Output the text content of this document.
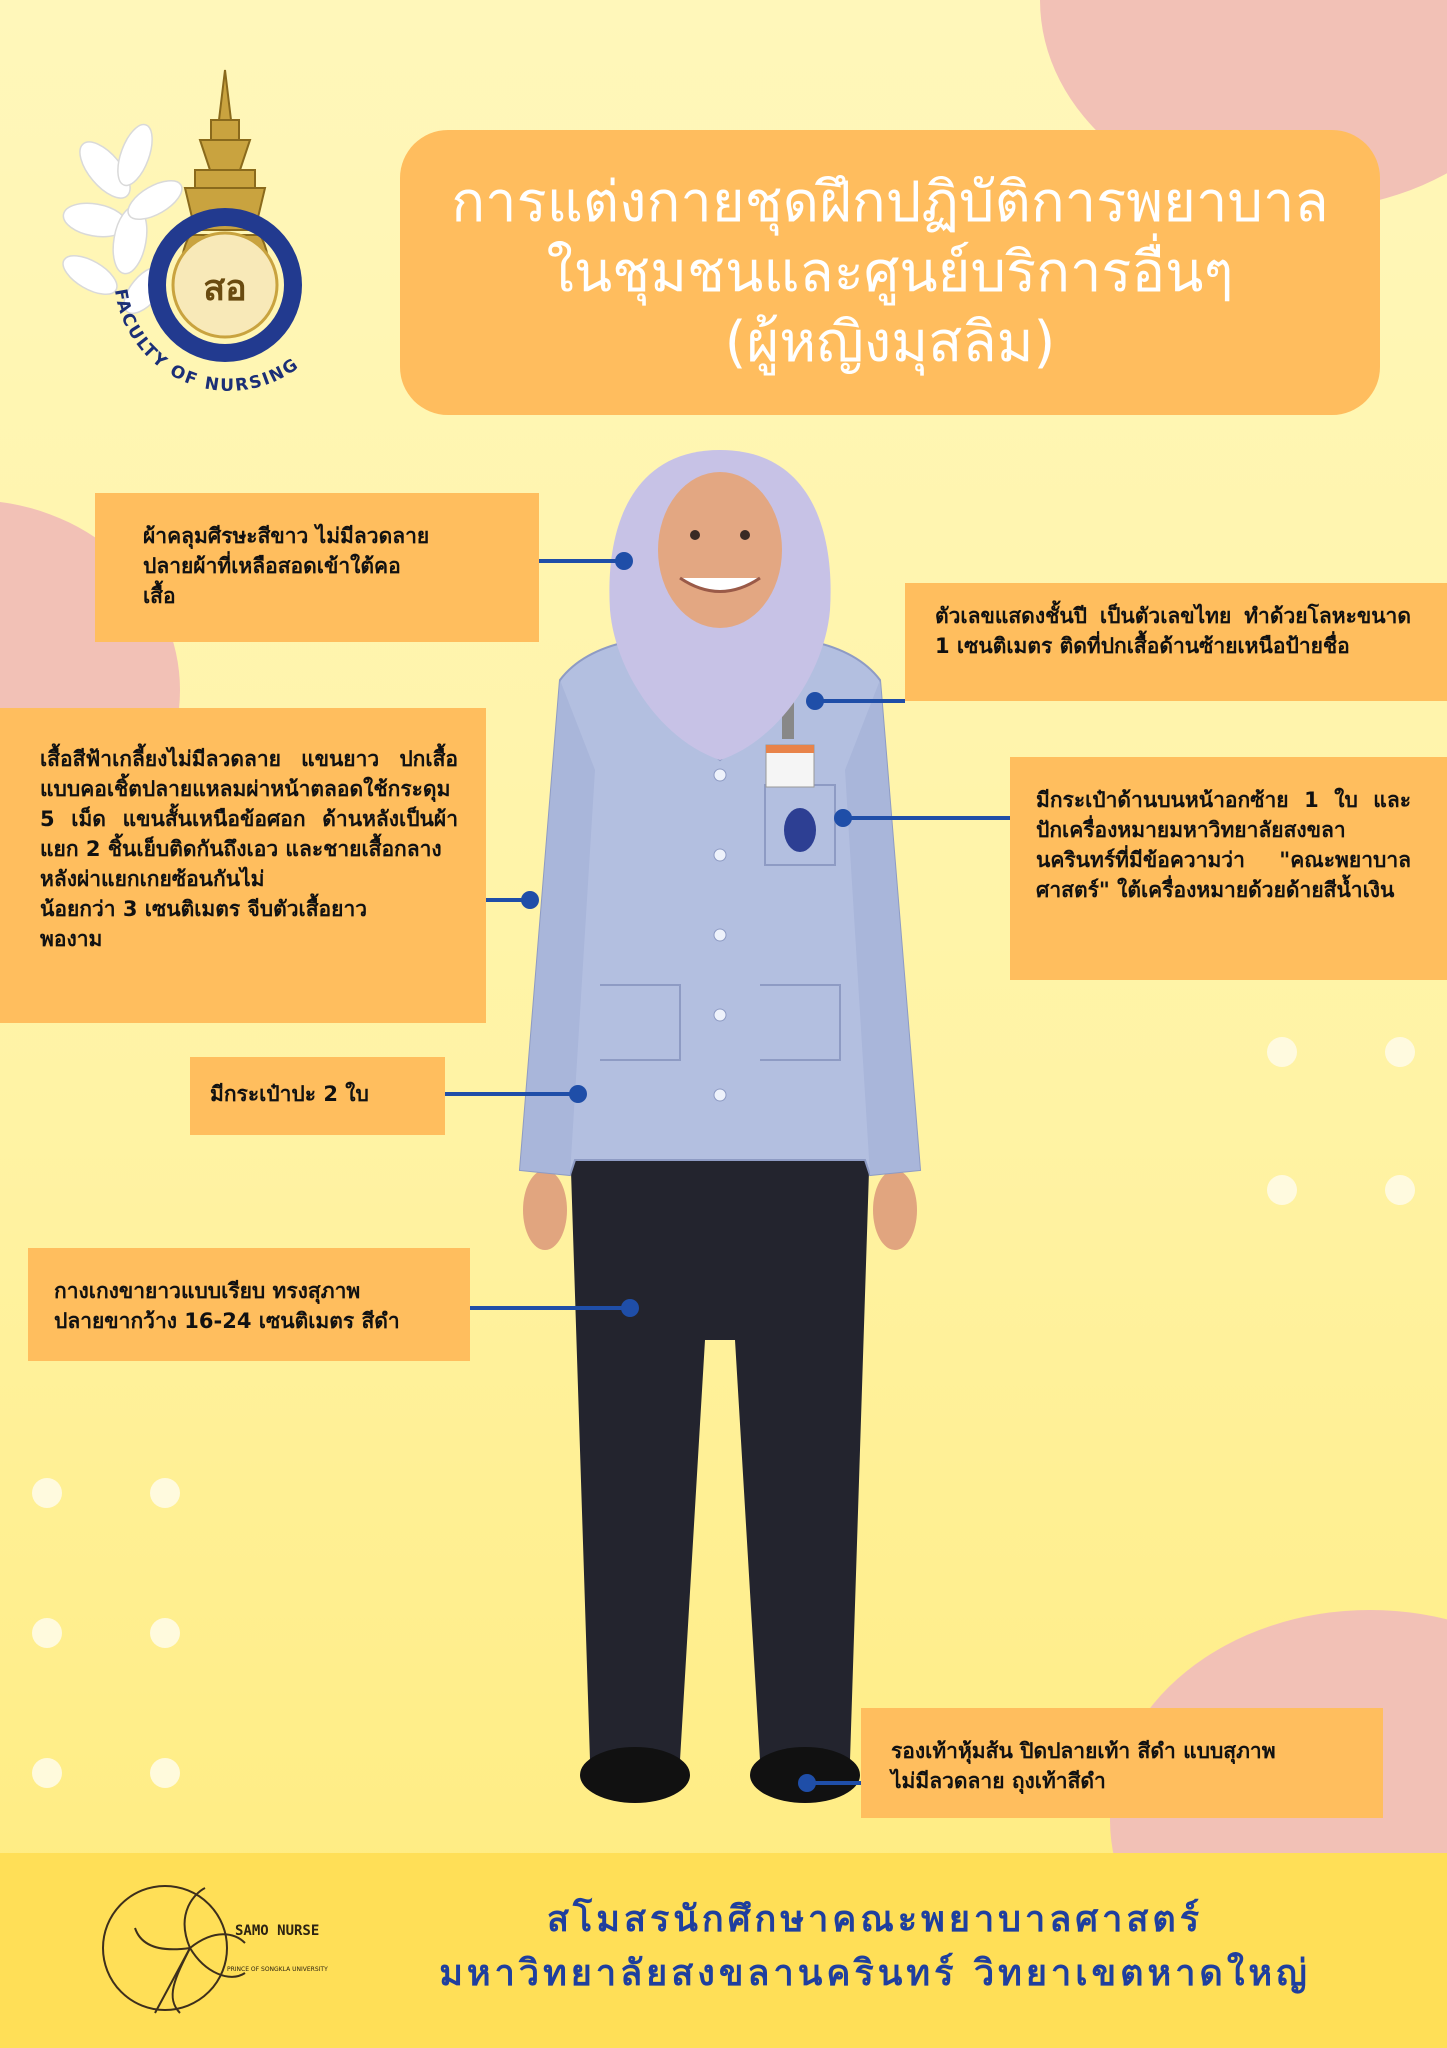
สอ
FACULTY OF NURSING
การแต่งกายชุดฝึกปฏิบัติการพยาบาล
ในชุมชนและศูนย์บริการอื่นๆ
(ผู้หญิงมุสลิม)

ผ้าคลุมศีรษะสีขาว ไม่มีลวดลาย

ปลายผ้าที่เหลือสอดเข้าใต้คอ

เสื้อ

ตัวเลขแสดงชั้นปี เป็นตัวเลขไทย ทำด้วยโลหะขนาด 1 เซนติเมตร ติดที่ปกเสื้อด้านซ้ายเหนือป้ายชื่อ

เสื้อสีฟ้าเกลี้ยงไม่มีลวดลาย แขนยาว ปกเสื้อแบบคอเชิ้ตปลายแหลมผ่าหน้าตลอดใช้กระดุม 5 เม็ด แขนสั้นเหนือข้อศอก ด้านหลังเป็นผ้าแยก 2 ชิ้นเย็บติดกันถึงเอว และชายเสื้อกลาง

หลังผ่าแยกเกยซ้อนกันไม่

น้อยกว่า 3 เซนติเมตร จีบตัวเสื้อยาว

พองาม

มีกระเป๋าด้านบนหน้าอกซ้าย 1 ใบ และปักเครื่องหมายมหาวิทยาลัยสงขลานครินทร์ที่มีข้อความว่า "คณะพยาบาลศาสตร์" ใต้เครื่องหมายด้วยด้ายสีน้ำเงิน

มีกระเป๋าปะ 2 ใบ

กางเกงขายาวแบบเรียบ ทรงสุภาพ

ปลายขากว้าง 16-24 เซนติเมตร สีดำ

รองเท้าหุ้มส้น ปิดปลายเท้า สีดำ แบบสุภาพ

ไม่มีลวดลาย ถุงเท้าสีดำ

SAMO NURSE
PRINCE OF SONGKLA UNIVERSITY
สโมสรนักศึกษาคณะพยาบาลศาสตร์
มหาวิทยาลัยสงขลานครินทร์ วิทยาเขตหาดใหญ่
